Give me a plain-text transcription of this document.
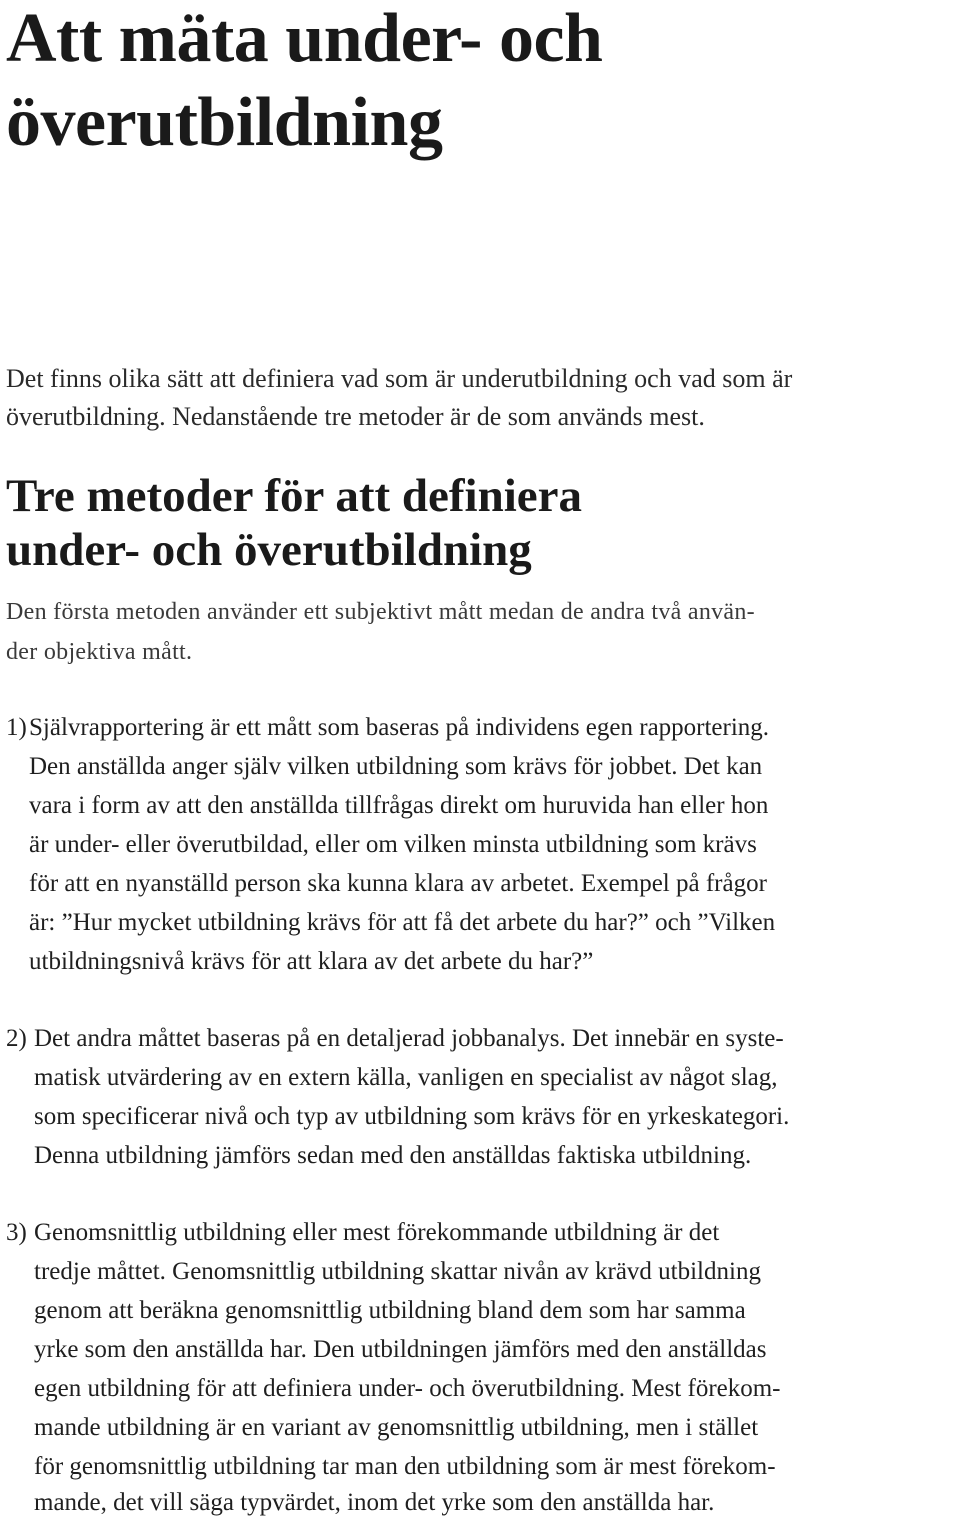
Att mäta under- och
överutbildning

Det finns olika sätt att definiera vad som är underutbildning och vad som är

överutbildning. Nedanstående tre metoder är de som används mest.

Tre metoder för att definiera
under- och överutbildning

Den första metoden använder ett subjektivt mått medan de andra två använ-

der objektiva mått.

1) Självrapportering är ett mått som baseras på individens egen rapportering.

Den anställda anger själv vilken utbildning som krävs för jobbet. Det kan

vara i form av att den anställda tillfrågas direkt om huruvida han eller hon

är under- eller överutbildad, eller om vilken minsta utbildning som krävs

för att en nyanställd person ska kunna klara av arbetet. Exempel på frågor

är: ”Hur mycket utbildning krävs för att få det arbete du har?” och ”Vilken

utbildningsnivå krävs för att klara av det arbete du har?”

2) Det andra måttet baseras på en detaljerad jobbanalys. Det innebär en syste-

matisk utvärdering av en extern källa, vanligen en specialist av något slag,

som specificerar nivå och typ av utbildning som krävs för en yrkeskategori.

Denna utbildning jämförs sedan med den anställdas faktiska utbildning.

3) Genomsnittlig utbildning eller mest förekommande utbildning är det

tredje måttet. Genomsnittlig utbildning skattar nivån av krävd utbildning

genom att beräkna genomsnittlig utbildning bland dem som har samma

yrke som den anställda har. Den utbildningen jämförs med den anställdas

egen utbildning för att definiera under- och överutbildning. Mest förekom-

mande utbildning är en variant av genomsnittlig utbildning, men i stället

för genomsnittlig utbildning tar man den utbildning som är mest förekom-

mande, det vill säga typvärdet, inom det yrke som den anställda har.
